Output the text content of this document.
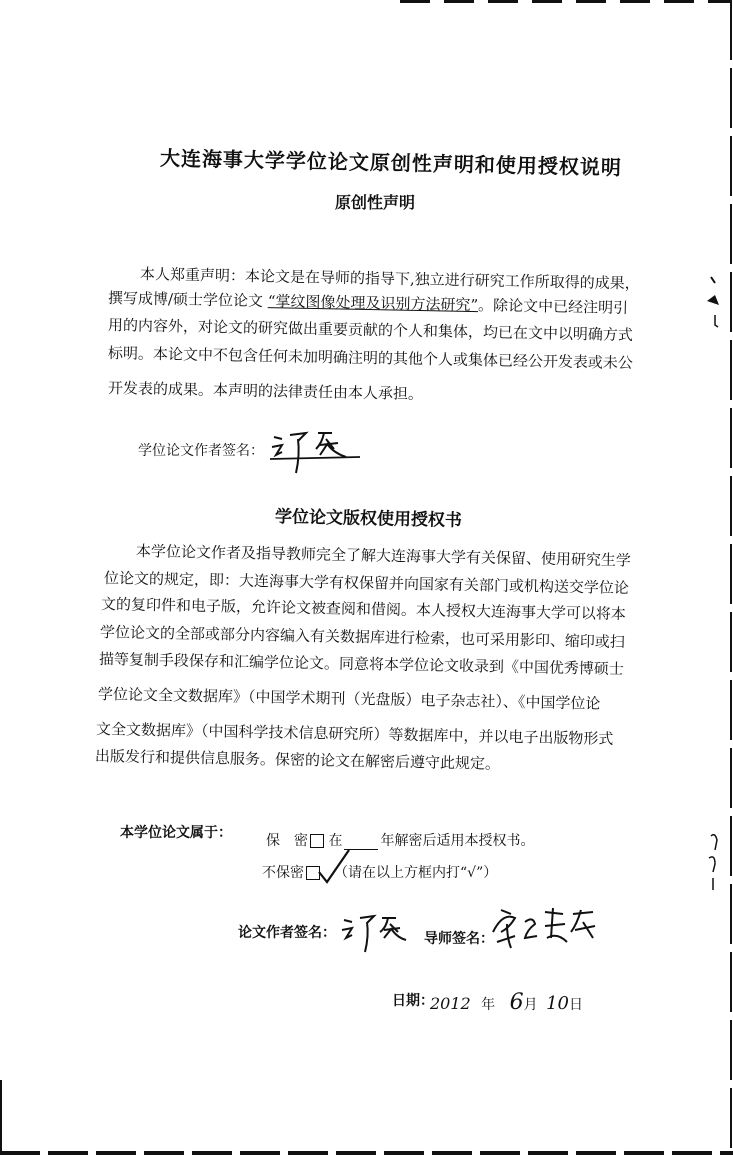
大连海事大学学位论文原创性声明和使用授权说明
原创性声明
本人郑重声明：本论文是在导师的指导下,独立进行研究工作所取得的成果，
撰写成博/硕士学位论文 “掌纹图像处理及识别方法研究”。除论文中已经注明引
用的内容外，对论文的研究做出重要贡献的个人和集体，均已在文中以明确方式
标明。本论文中不包含任何未加明确注明的其他个人或集体已经公开发表或未公
开发表的成果。本声明的法律责任由本人承担。
学位论文作者签名：
学位论文版权使用授权书
本学位论文作者及指导教师完全了解大连海事大学有关保留、使用研究生学
位论文的规定，即：大连海事大学有权保留并向国家有关部门或机构送交学位论
文的复印件和电子版，允许论文被查阅和借阅。本人授权大连海事大学可以将本
学位论文的全部或部分内容编入有关数据库进行检索，也可采用影印、缩印或扫
描等复制手段保存和汇编学位论文。同意将本学位论文收录到《中国优秀博硕士
学位论文全文数据库》（中国学术期刊（光盘版）电子杂志社）、《中国学位论
文全文数据库》（中国科学技术信息研究所）等数据库中，并以电子出版物形式
出版发行和提供信息服务。保密的论文在解密后遵守此规定。
本学位论文属于： 保　密 在	年解密后适用本授权书。
不保密 （请在以上方框内打“√”）
论文作者签名：	导师签名：
日期：
2012 年 6月 10日
